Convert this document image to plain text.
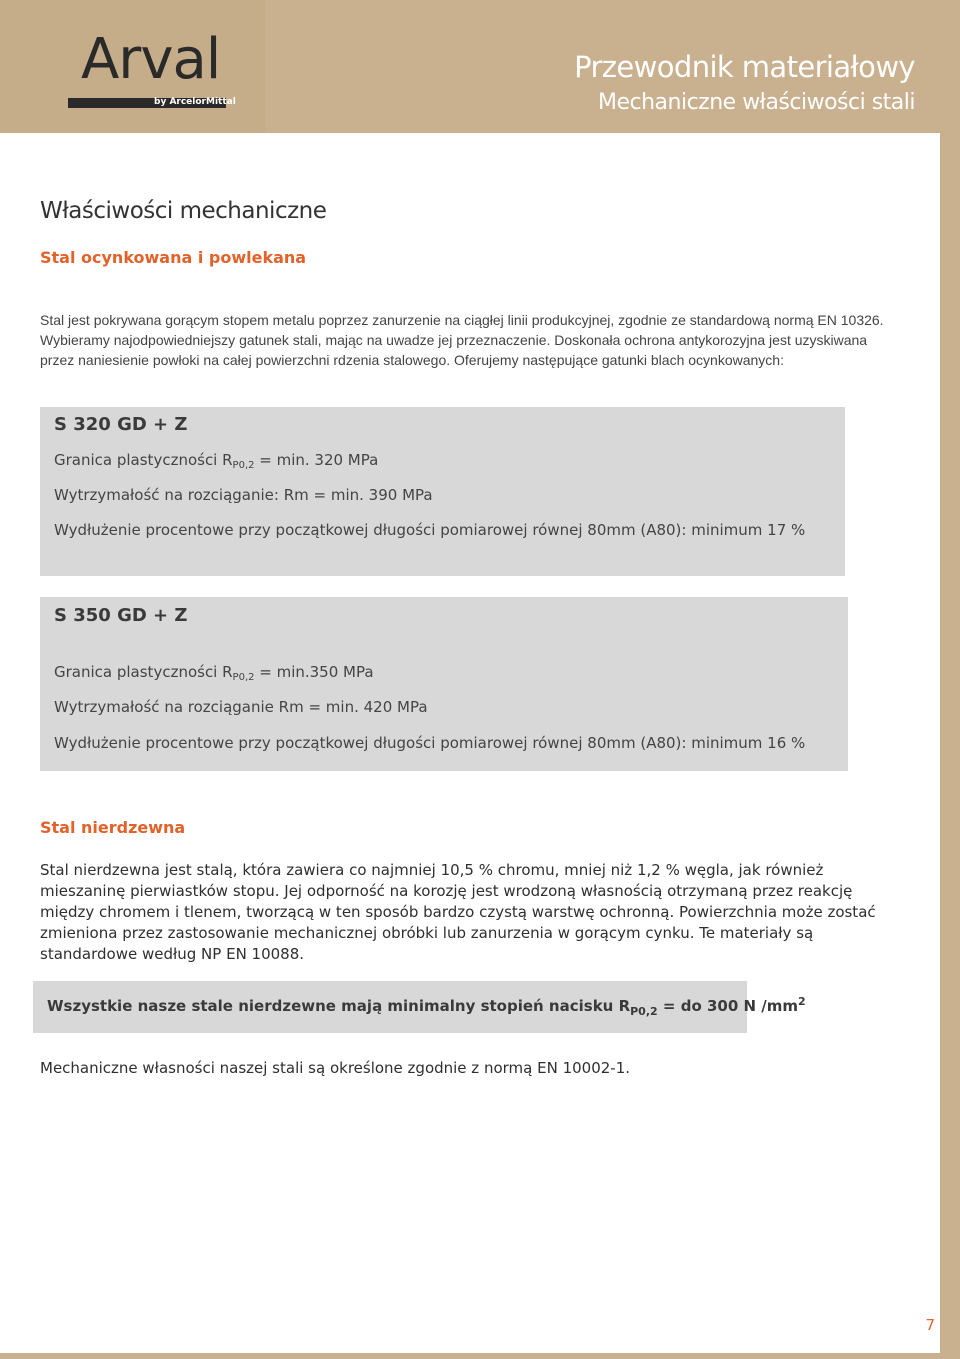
Arval
by ArcelorMittal
Przewodnik materiałowy
Mechaniczne właściwości stali
Właściwości mechaniczne
Stal ocynkowana i powlekana
Stal jest pokrywana gorącym stopem metalu poprzez zanurzenie na ciągłej linii produkcyjnej, zgodnie ze standardową normą EN 10326. Wybieramy najodpowiedniejszy gatunek stali, mając na uwadze jej przeznaczenie. Doskonała ochrona antykorozyjna jest uzyskiwana przez naniesienie powłoki na całej powierzchni rdzenia stalowego. Oferujemy następujące gatunki blach ocynkowanych:
S 320 GD + Z
Granica plastyczności $R_{P0,2} = \min$. 320 MPa
Wytrzymałość na rozciąganie: Rm = min. 390 MPa
Wydłużenie procentowe przy początkowej długości pomiarowej równej 80mm (A80): minimum 17 %
S 350 GD + Z
Granica plastyczności $R_{P0,2} = \min.350$ MPa
Wytrzymałość na rozciąganie Rm = min. 420 MPa
Wydłużenie procentowe przy początkowej długości pomiarowej równej 80mm (A80): minimum 16 %
Stal nierdzewna
Stal nierdzewna jest stalą, która zawiera co najmniej 10,5 % chromu, mniej niż 1,2 % węgla, jak również mieszaninę pierwiastków stopu. Jej odporność na korozję jest wrodzoną własnością otrzymaną przez reakcję między chromem i tlenem, tworzącą w ten sposób bardzo czystą warstwę ochronną. Powierzchnia może zostać zmieniona przez zastosowanie mechanicznej obróbki lub zanurzenia w gorącym cynku. Te materiały są standardowe według NP EN 10088.
Wszystkie nasze stale nierdzewne mają minimalny stopień nacisku $R_{P0,2}$ = do 300 N $/mm^2$
Mechaniczne własności naszej stali są określone zgodnie z normą EN 10002-1.
7
